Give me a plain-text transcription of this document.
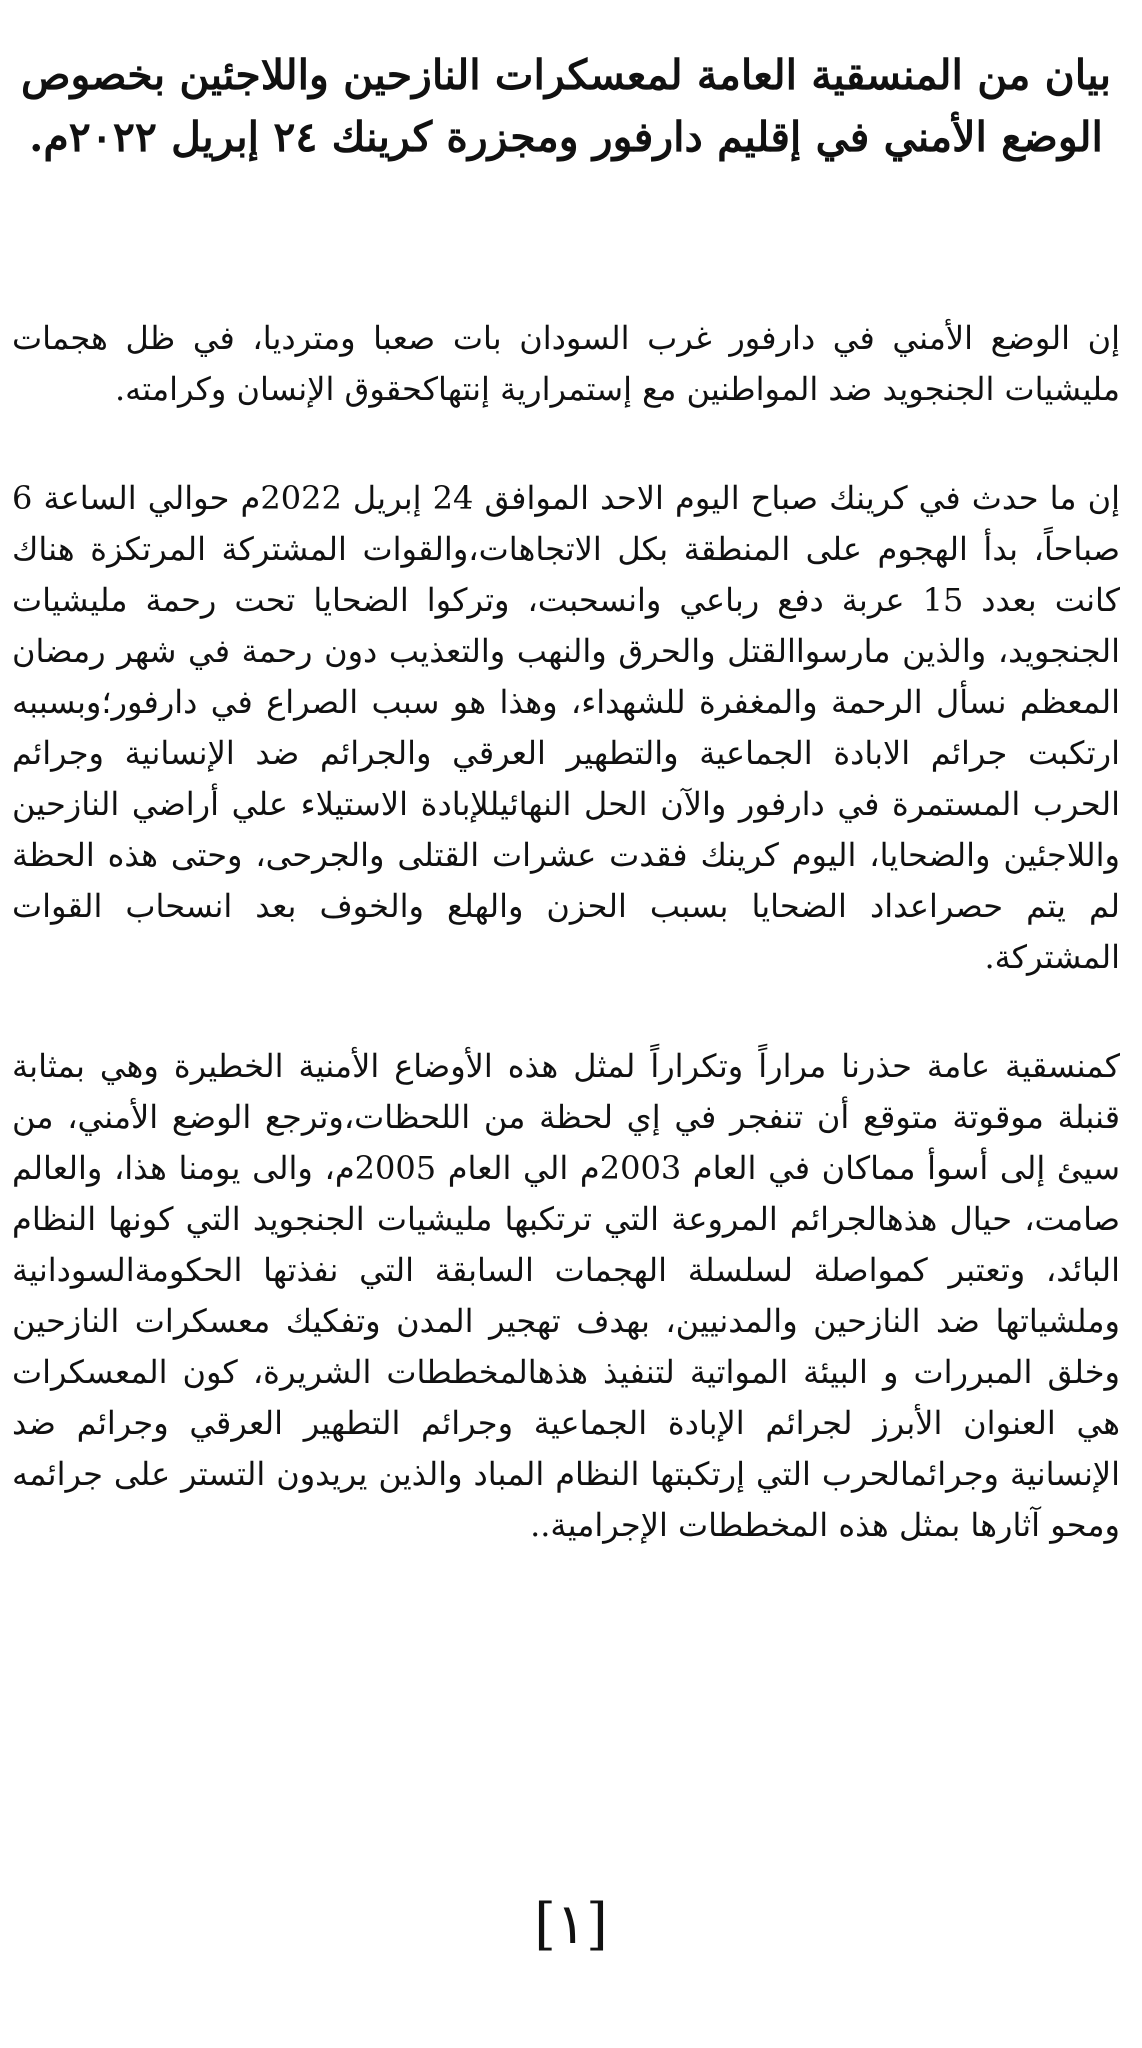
بيان من المنسقية العامة لمعسكرات النازحين واللاجئين بخصوص الوضع الأمني في إقليم دارفور ومجزرة كرينك ٢٤ إبريل ٢٠٢٢م.

إن الوضع الأمني في دارفور غرب السودان بات صعبا ومترديا، في ظل هجمات مليشيات الجنجويد ضد المواطنين مع إستمرارية إنتهاكحقوق الإنسان وكرامته.

إن ما حدث في كرينك صباح اليوم الاحد الموافق 24 إبريل 2022م حوالي الساعة 6 صباحاً، بدأ الهجوم على المنطقة بكل الاتجاهات،والقوات المشتركة المرتكزة هناك كانت بعدد 15 عربة دفع رباعي وانسحبت، وتركوا الضحايا تحت رحمة مليشيات الجنجويد، والذين مارسواالقتل والحرق والنهب والتعذيب دون رحمة في شهر رمضان المعظم نسأل الرحمة والمغفرة للشهداء، وهذا هو سبب الصراع في دارفور؛وبسببه ارتكبت جرائم الابادة الجماعية والتطهير العرقي والجرائم ضد الإنسانية وجرائم الحرب المستمرة في دارفور والآن الحل النهائيللإبادة الاستيلاء علي أراضي النازحين واللاجئين والضحايا، اليوم كرينك فقدت عشرات القتلى والجرحى، وحتى هذه الحظة لم يتم حصراعداد الضحايا بسبب الحزن والهلع والخوف بعد انسحاب القوات المشتركة.

كمنسقية عامة حذرنا مراراً وتكراراً لمثل هذه الأوضاع الأمنية الخطيرة وهي بمثابة قنبلة موقوتة متوقع أن تنفجر في إي لحظة من اللحظات،وترجع الوضع الأمني، من سيئ إلى أسوأ مماكان في العام 2003م الي العام 2005م، والى يومنا هذا، والعالم صامت، حيال هذهالجرائم المروعة التي ترتكبها مليشيات الجنجويد التي كونها النظام البائد، وتعتبر كمواصلة لسلسلة الهجمات السابقة التي نفذتها الحكومةالسودانية وملشياتها ضد النازحين والمدنيين، بهدف تهجير المدن وتفكيك معسكرات النازحين وخلق المبررات و البيئة المواتية لتنفيذ هذهالمخططات الشريرة، كون المعسكرات هي العنوان الأبرز لجرائم الإبادة الجماعية وجرائم التطهير العرقي وجرائم ضد الإنسانية وجرائمالحرب التي إرتكبتها النظام المباد والذين يريدون التستر على جرائمه ومحو آثارها بمثل هذه المخططات الإجرامية..

[١]
